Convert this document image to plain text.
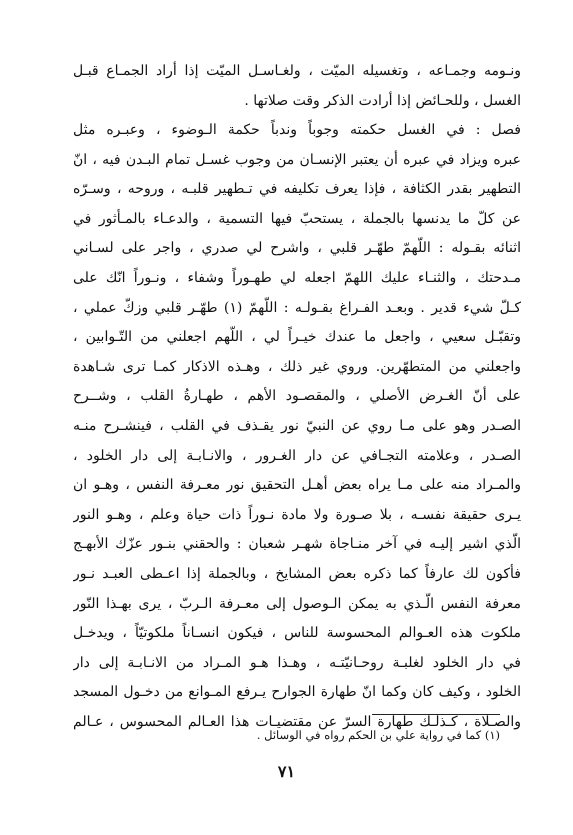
ونـومه وجمـاعه ، وتغسيله الميّت ، ولغـاسـل الميّت إذا أراد الجمـاع قبـل
الغسل ، وللحـائض إذا أرادت الذكر وقت صلاتها .
فصل : في الغسل حكمته وجوباً وندباً حكمة الـوضوء ، وعبـره مثل
عبره ويزاد في عبره أن يعتبر الإنسـان من وجوب غسـل تمام البـدن فيه ، انّ
التطهير بقدر الكثافة ، فإذا يعرف تكليفه في تـطهير قلبـه ، وروحه ، وسـرّه
عن كلّ ما يدنسها بالجملة ، يستحبّ فيها التسمية ، والدعـاء بالمـأثور في
اثنائه بقـوله : اللّهمّ طهّـر قلبي ، واشرح لي صدري ، واجر على لسـاني
مـدحتك ، والثنـاء عليك اللهمّ اجعله لي طهـوراً وشفاء ، ونـوراً انّك على
كـلّ شيء قدير . وبعـد الفـراغ بقـولـه : اللّهمّ (١) طهّـر قلبي وزكّ عملي ،
وتقبّـل سعيي ، واجعل ما عندك خيـراً لي ، اللّهم اجعلني من التّـوابين ،
واجعلني من المتطهّرين. وروي غير ذلك ، وهـذه الاذكار كمـا ترى شـاهدة
على أنّ الغـرض الأصلي ، والمقصـود الأهم ، طهـارةُ القلب ، وشــرح
الصـدر وهو على مـا روي عن النبيّ نور يقـذف في القلب ، فينشـرح منـه
الصـدر ، وعلامته التجـافي عن دار الغـرور ، والانـابـة إلى دار الخلود ،
والمـراد منه على مـا يراه بعض أهـل التحقيق نور معـرفة النفس ، وهـو ان
يـرى حقيقة نفسـه ، بلا صـورة ولا مادة نـوراً ذات حياة وعلم ، وهـو النور
الّذي اشير إليـه في آخر منـاجاة شهـر شعبان : والحقني بنـور عزّك الأبهـج
فأكون لك عارفاً كما ذكره بعض المشايخ ، وبالجملة إذا اعـطى العبـد نـور
معرفة النفس الّـذي به يمكن الـوصول إلى معـرفة الـربّ ، يرى بهـذا النّور
ملكوت هذه العـوالم المحسوسة للناس ، فيكون انسـاناً ملكوتيّاً ، ويدخـل
في دار الخلود لغلبـة روحـانيّتـه ، وهـذا هـو المـراد من الانـابـة إلى دار
الخلود ، وكيف كان وكما انّ طهارة الجوارح يـرفع المـوانع من دخـول المسجد
والصـلاة ، كـذلـك طهارة السرّ عن مقتضيـات هذا العـالم المحسوس ، عـالم
(١) كما في رواية علي بن الحكم رواه في الوسائل .
٧١
